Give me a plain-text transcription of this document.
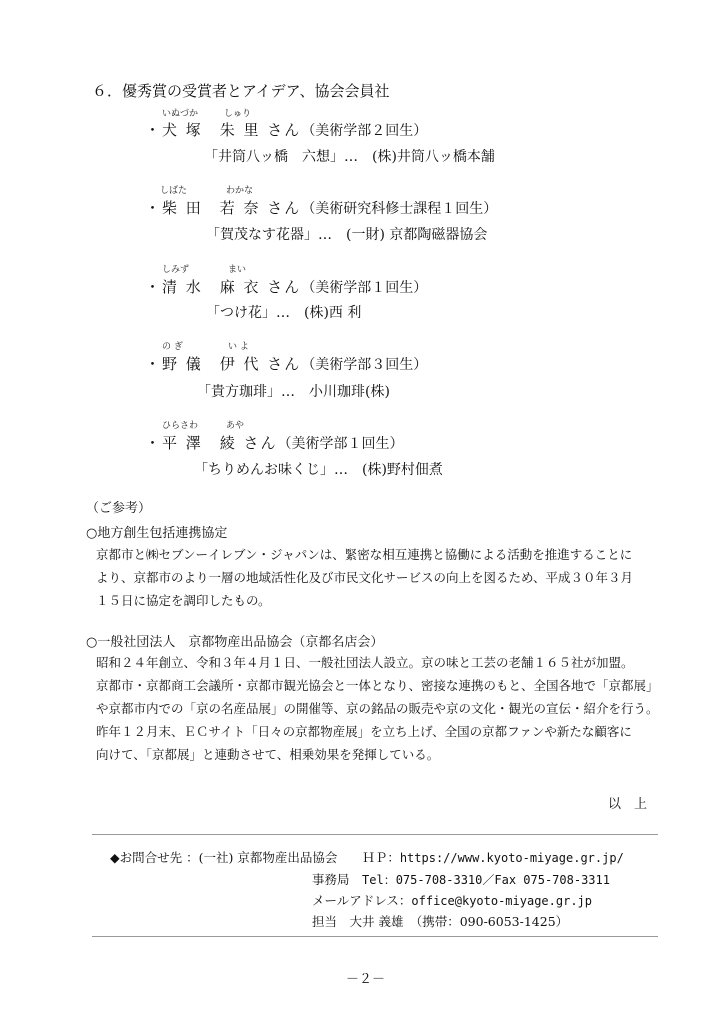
６．優秀賞の受賞者とアイデア、協会会員社
いぬづか	しゅり
・犬 塚　朱 里 さん（美術学部２回生）
「井筒八ッ橋　六想」…　(株)井筒八ッ橋本舗
しばた	わかな
・柴 田　若 奈 さん（美術研究科修士課程１回生）
「賀茂なす花器」…　(一財) 京都陶磁器協会
しみず	まい
・清 水　麻 衣 さん（美術学部１回生）
「つけ花」…　(株)西 利
の ぎ	い よ
・野 儀　伊 代 さん（美術学部３回生）
「貴方珈琲」…　小川珈琲(株)
ひらさわ	あや
・平 澤　綾 さん（美術学部１回生）
「ちりめんお味くじ」…　(株)野村佃煮
（ご参考）
○地方創生包括連携協定
京都市と㈱セブンーイレブン・ジャパンは、緊密な相互連携と協働による活動を推進することに
より、京都市のより一層の地域活性化及び市民文化サービスの向上を図るため、平成３０年３月
１５日に協定を調印したもの。
○一般社団法人　京都物産出品協会（京都名店会）
昭和２４年創立、令和３年４月１日、一般社団法人設立。京の味と工芸の老舗１６５社が加盟。
京都市・京都商工会議所・京都市観光協会と一体となり、密接な連携のもと、全国各地で「京都展」
や京都市内での「京の名産品展」の開催等、京の銘品の販売や京の文化・観光の宣伝・紹介を行う。
昨年１２月末、ＥＣサイト「日々の京都物産展」を立ち上げ、全国の京都ファンや新たな顧客に
向けて、「京都展」と連動させて、相乗効果を発揮している。
以　上
◆お問合せ先 ：(一社) 京都物産出品協会　　ＨＰ：https://www.kyoto-miyage.gr.jp/
事務局　Tel：075-708-3310／Fax 075-708-3311
メールアドレス：office@kyoto-miyage.gr.jp
担当　大井 義雄　（携帯：090-6053-1425）
－２－
